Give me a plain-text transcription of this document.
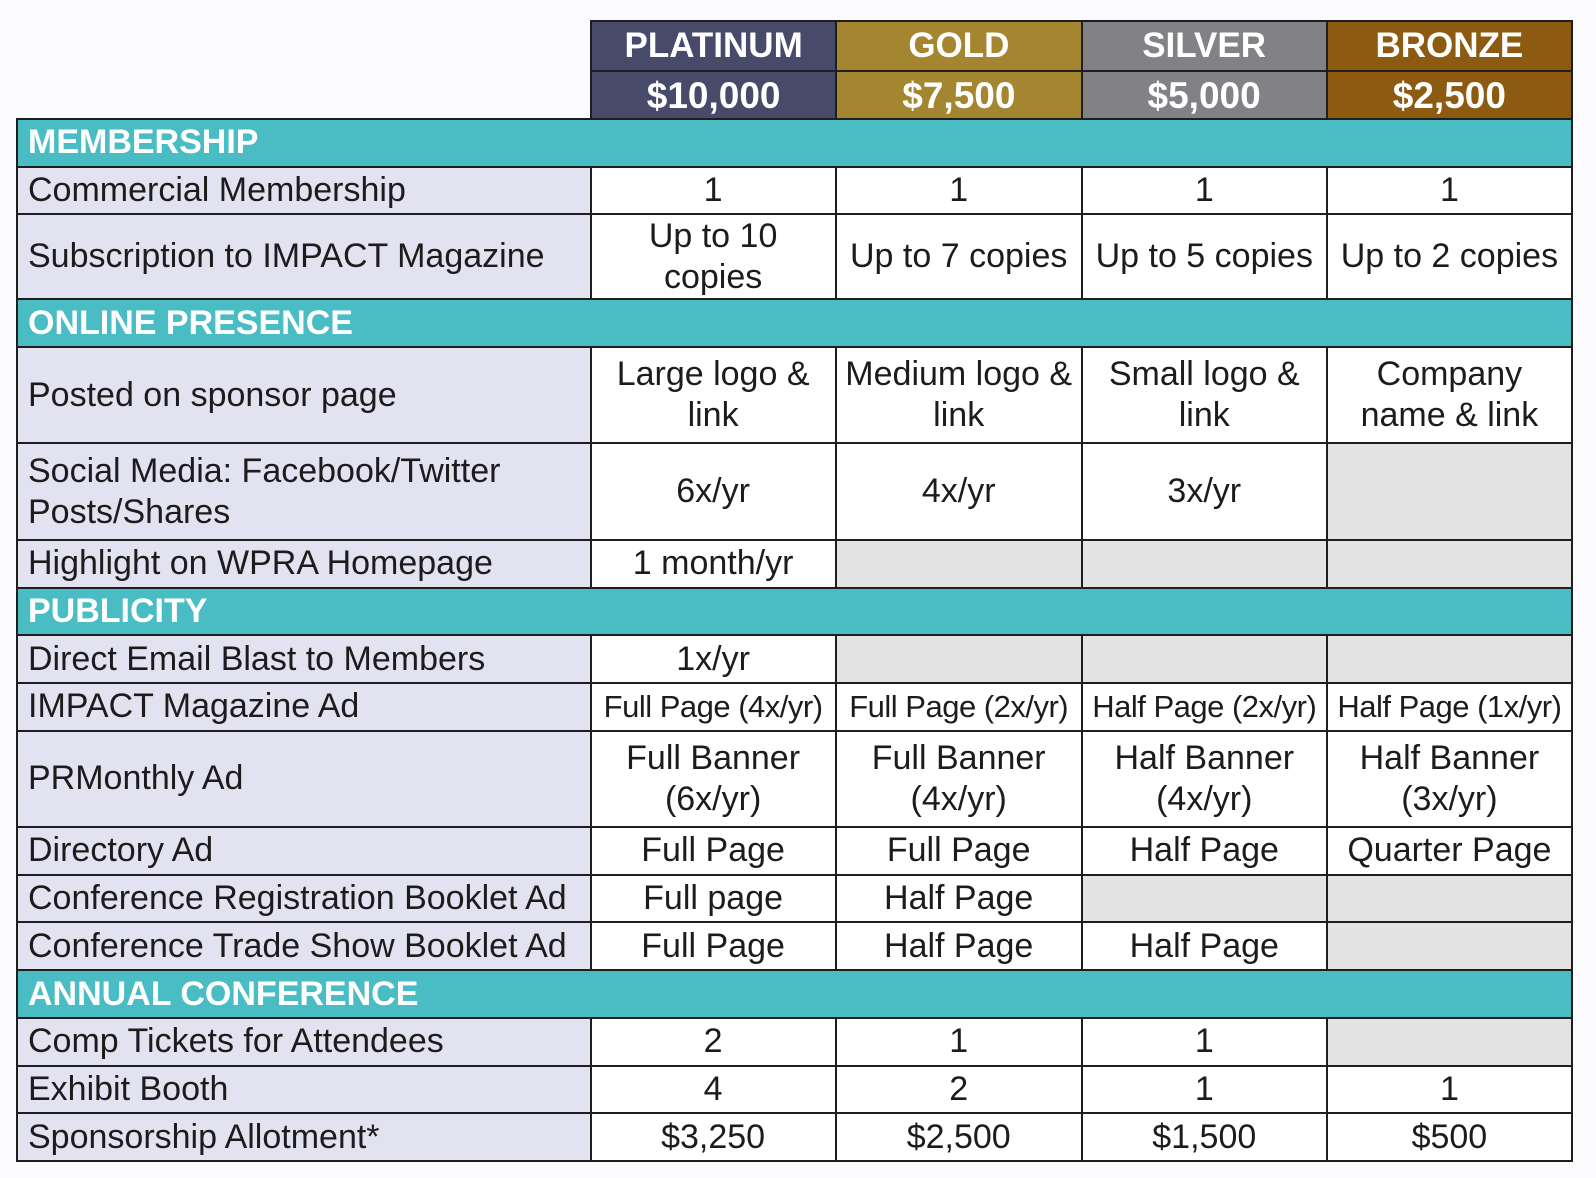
PLATINUM	GOLD	SILVER	BRONZE
$10,000	$7,500	$5,000	$2,500
MEMBERSHIP				
Commercial Membership	1	1	1	1
Subscription to IMPACT Magazine	Up to 10 copies	Up to 7 copies	Up to 5 copies	Up to 2 copies
ONLINE PRESENCE				
Posted on sponsor page	Large logo & link	Medium logo & link	Small logo & link	Company name & link
Social Media: Facebook/Twitter Posts/Shares	6x/yr	4x/yr	3x/yr	
Highlight on WPRA Homepage	1 month/yr			
PUBLICITY				
Direct Email Blast to Members	1x/yr			
IMPACT Magazine Ad	Full Page (4x/yr)	Full Page (2x/yr)	Half Page (2x/yr)	Half Page (1x/yr)
PRMonthly Ad	Full Banner (6x/yr)	Full Banner (4x/yr)	Half Banner (4x/yr)	Half Banner (3x/yr)
Directory Ad	Full Page	Full Page	Half Page	Quarter Page
Conference Registration Booklet Ad	Full page	Half Page		
Conference Trade Show Booklet Ad	Full Page	Half Page	Half Page	
ANNUAL CONFERENCE				
Comp Tickets for Attendees	2	1	1	
Exhibit Booth	4	2	1	1
Sponsorship Allotment*	$3,250	$2,500	$1,500	$500
